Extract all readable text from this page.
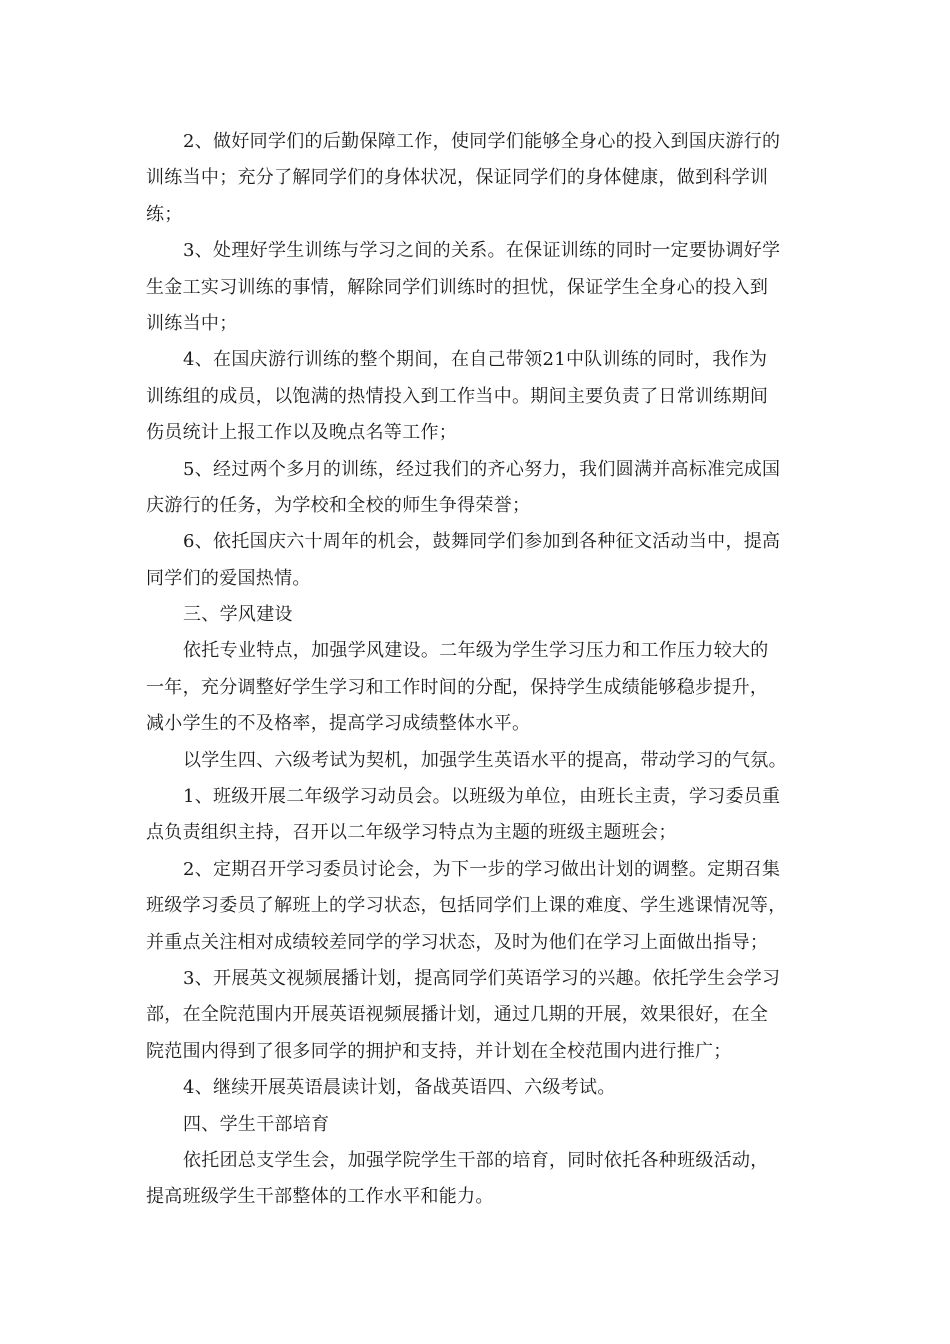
2、做好同学们的后勤保障工作，使同学们能够全身心的投入到国庆游行的
训练当中；充分了解同学们的身体状况，保证同学们的身体健康，做到科学训
练；
3、处理好学生训练与学习之间的关系。在保证训练的同时一定要协调好学
生金工实习训练的事情，解除同学们训练时的担忧，保证学生全身心的投入到
训练当中；
4、在国庆游行训练的整个期间，在自己带领21中队训练的同时，我作为
训练组的成员，以饱满的热情投入到工作当中。期间主要负责了日常训练期间
伤员统计上报工作以及晚点名等工作；
5、经过两个多月的训练，经过我们的齐心努力，我们圆满并高标准完成国
庆游行的任务，为学校和全校的师生争得荣誉；
6、依托国庆六十周年的机会，鼓舞同学们参加到各种征文活动当中，提高
同学们的爱国热情。
三、学风建设
依托专业特点，加强学风建设。二年级为学生学习压力和工作压力较大的
一年，充分调整好学生学习和工作时间的分配，保持学生成绩能够稳步提升，
减小学生的不及格率，提高学习成绩整体水平。
以学生四、六级考试为契机，加强学生英语水平的提高，带动学习的气氛。
1、班级开展二年级学习动员会。以班级为单位，由班长主责，学习委员重
点负责组织主持，召开以二年级学习特点为主题的班级主题班会；
2、定期召开学习委员讨论会，为下一步的学习做出计划的调整。定期召集
班级学习委员了解班上的学习状态，包括同学们上课的难度、学生逃课情况等，
并重点关注相对成绩较差同学的学习状态，及时为他们在学习上面做出指导；
3、开展英文视频展播计划，提高同学们英语学习的兴趣。依托学生会学习
部，在全院范围内开展英语视频展播计划，通过几期的开展，效果很好，在全
院范围内得到了很多同学的拥护和支持，并计划在全校范围内进行推广；
4、继续开展英语晨读计划，备战英语四、六级考试。
四、学生干部培育
依托团总支学生会，加强学院学生干部的培育，同时依托各种班级活动，
提高班级学生干部整体的工作水平和能力。
